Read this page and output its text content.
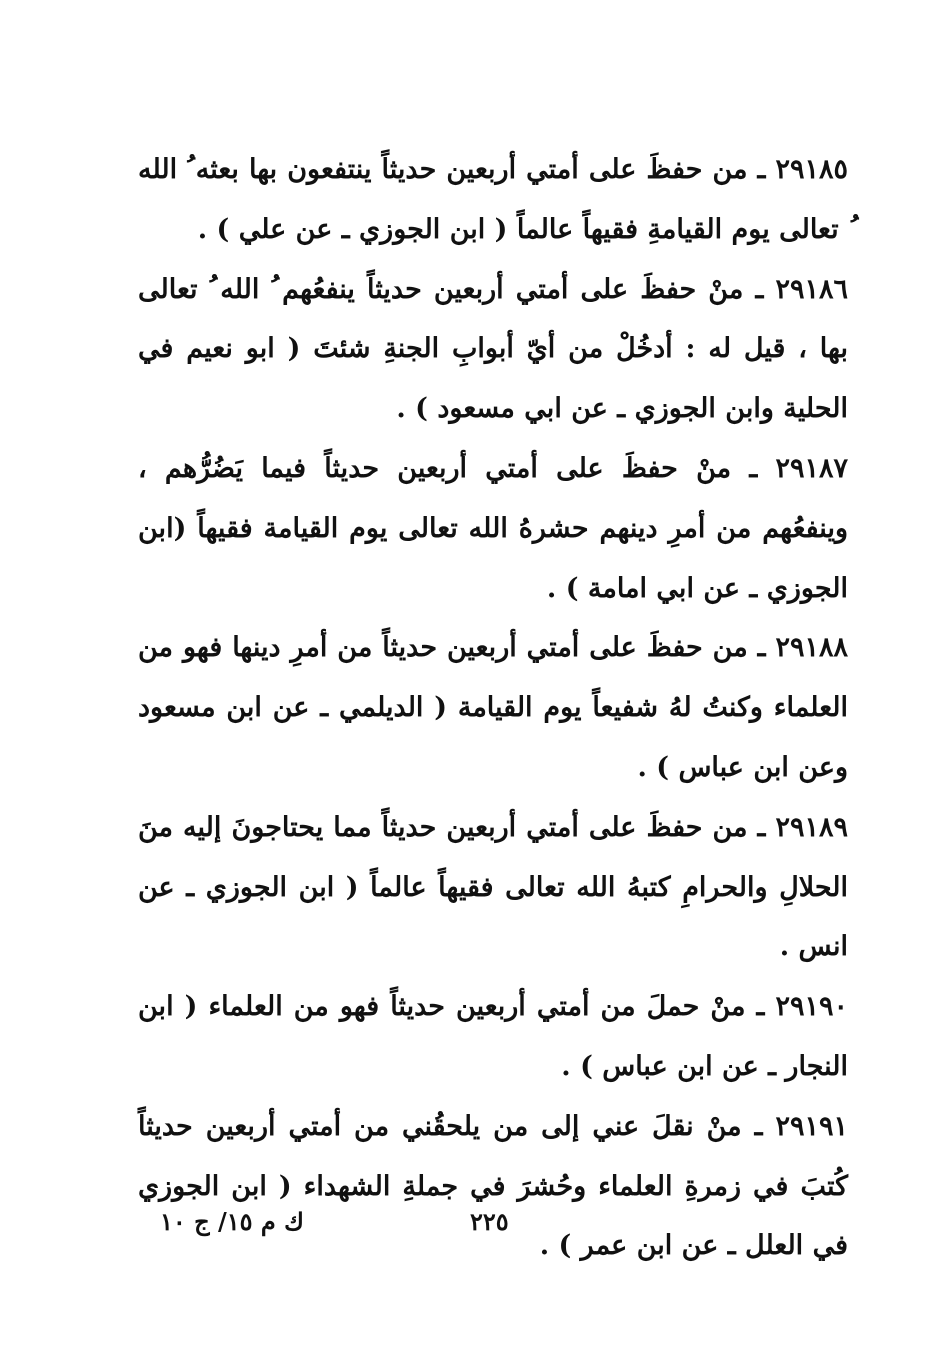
٢٩١٨٥ ـ من حفظَ على أمتي أربعين حديثاً ينتفعون بها بعثه ُ الله ُ تعالى يوم القيامةِ فقيهاً عالماً ( ابن الجوزي ـ عن علي ) .

٢٩١٨٦ ـ منْ حفظَ على أمتي أربعين حديثاً ينفعُهم ُ الله ُ تعالى بها ، قيل له : أدخُلْ من أيّ أبوابِ الجنةِ شئتَ ( ابو نعيم في الحلية وابن الجوزي ـ عن ابي مسعود ) .

٢٩١٨٧ ـ منْ حفظَ على أمتي أربعين حديثاً فيما يَضُرُّهم ، وينفعُهم من أمرِ دينهم حشرهُ الله تعالى يوم القيامة فقيهاً (ابن الجوزي ـ عن ابي امامة ) .

٢٩١٨٨ ـ من حفظَ على أمتي أربعين حديثاً من أمرِ دينها فهو من العلماء وكنتُ لهُ شفيعاً يوم القيامة ( الديلمي ـ عن ابن مسعود وعن ابن عباس ) .

٢٩١٨٩ ـ من حفظَ على أمتي أربعين حديثاً مما يحتاجونَ إليه منَ الحلالِ والحرامِ كتبهُ الله تعالى فقيهاً عالماً ( ابن الجوزي ـ عن انس .

٢٩١٩٠ ـ منْ حملَ من أمتي أربعين حديثاً فهو من العلماء ( ابن النجار ـ عن ابن عباس ) .

٢٩١٩١ ـ منْ نقلَ عني إلى من يلحقُني من أمتي أربعين حديثاً كُتبَ في زمرةِ العلماء وحُشرَ في جملةِ الشهداء ( ابن الجوزي في العلل ـ عن ابن عمر ) .

٢٢٥
ك م ١٥/ ج ١٠
